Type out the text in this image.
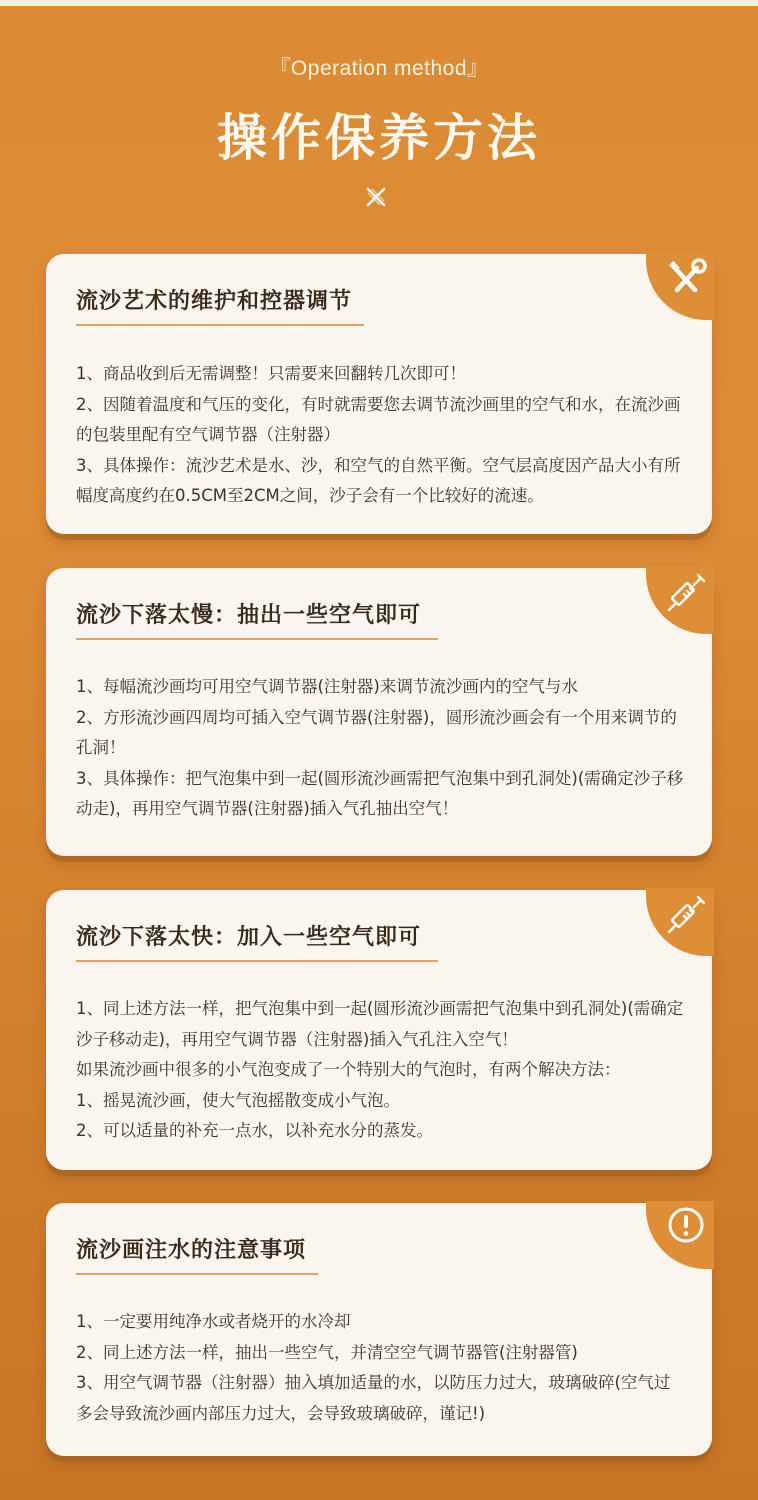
『Operation method』
操作保养方法
流沙艺术的维护和控器调节

1、商品收到后无需调整！只需要来回翻转几次即可！

2、因随着温度和气压的变化，有时就需要您去调节流沙画里的空气和水，在流沙画的包装里配有空气调节器（注射器）

3、具体操作：流沙艺术是水、沙，和空气的自然平衡。空气层高度因产品大小有所幅度高度约在0.5CM至2CM之间，沙子会有一个比较好的流速。

流沙下落太慢：抽出一些空气即可

1、每幅流沙画均可用空气调节器(注射器)来调节流沙画内的空气与水

2、方形流沙画四周均可插入空气调节器(注射器)，圆形流沙画会有一个用来调节的孔洞！

3、具体操作：把气泡集中到一起(圆形流沙画需把气泡集中到孔洞处)(需确定沙子移动走)，再用空气调节器(注射器)插入气孔抽出空气！

流沙下落太快：加入一些空气即可

1、同上述方法一样，把气泡集中到一起(圆形流沙画需把气泡集中到孔洞处)(需确定沙子移动走)，再用空气调节器（注射器)插入气孔注入空气！

如果流沙画中很多的小气泡变成了一个特别大的气泡时，有两个解决方法：

1、摇晃流沙画，使大气泡摇散变成小气泡。

2、可以适量的补充一点水，以补充水分的蒸发。

流沙画注水的注意事项

1、一定要用纯净水或者烧开的水冷却

2、同上述方法一样，抽出一些空气，并清空空气调节器管(注射器管)

3、用空气调节器（注射器）抽入填加适量的水，以防压力过大，玻璃破碎(空气过多会导致流沙画内部压力过大，会导致玻璃破碎，谨记!)
